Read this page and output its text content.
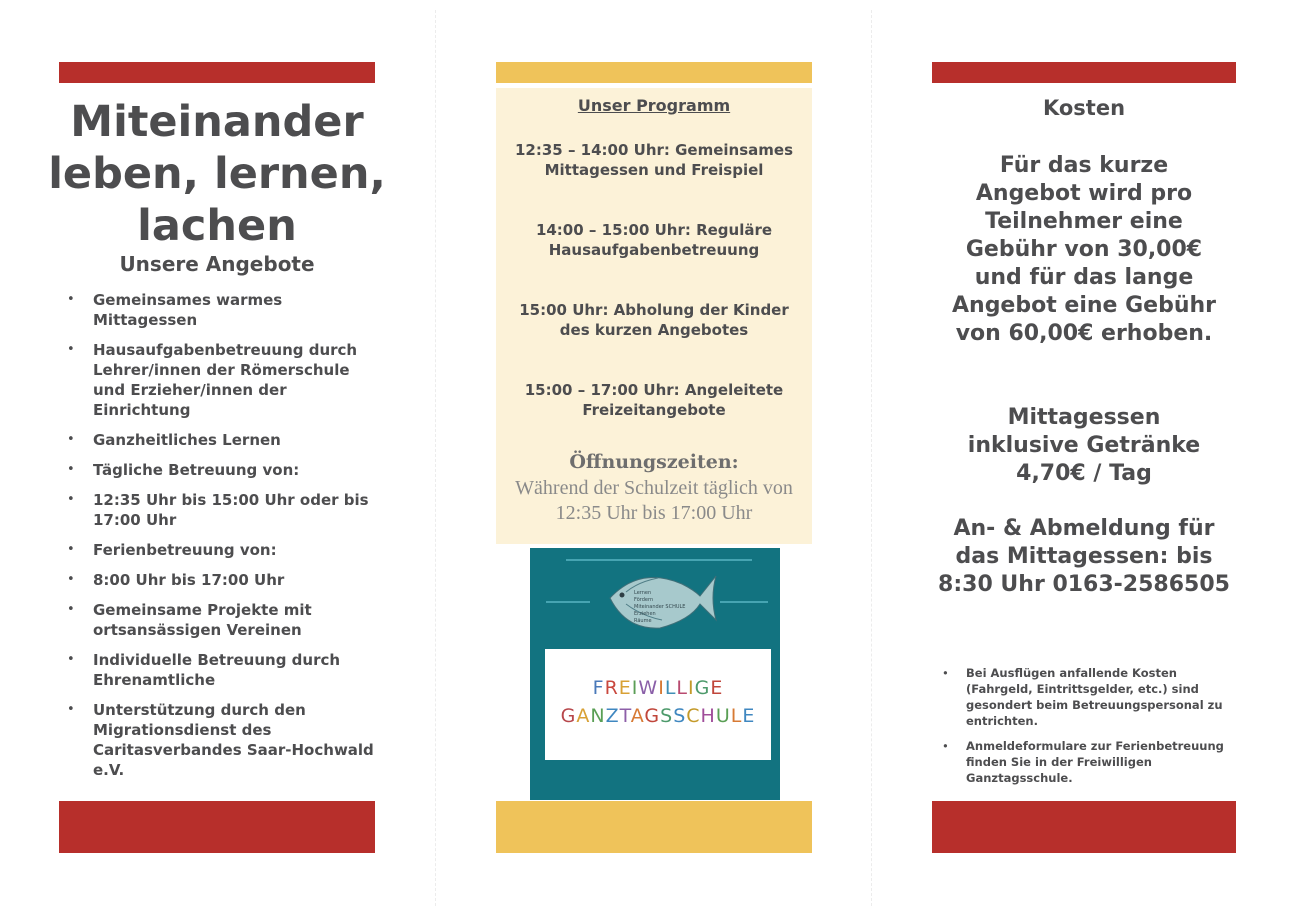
Miteinander leben, lernen, lachen
Unsere Angebote
• Gemeinsames warmes Mittagessen
• Hausaufgabenbetreuung durch Lehrer/innen der Römerschule und Erzieher/innen der Einrichtung
• Ganzheitliches Lernen
• Tägliche Betreuung von:
• 12:35 Uhr bis 15:00 Uhr oder bis 17:00 Uhr
• Ferienbetreuung von:
• 8:00 Uhr bis 17:00 Uhr
• Gemeinsame Projekte mit ortsansässigen Vereinen
• Individuelle Betreuung durch Ehrenamtliche
• Unterstützung durch den Migrationsdienst des Caritasverbandes Saar-Hochwald e.V.
Unser Programm
12:35 – 14:00 Uhr: Gemeinsames Mittagessen und Freispiel
14:00 – 15:00 Uhr: Reguläre Hausaufgabenbetreuung
15:00 Uhr: Abholung der Kinder des kurzen Angebotes
15:00 – 17:00 Uhr: Angeleitete Freizeitangebote
Öffnungszeiten:
Während der Schulzeit täglich von 12:35 Uhr bis 17:00 Uhr
Lernen
Fördern
Miteinander SCHULE
Erziehen
Räume
FREIWILLIGE
GANZTAGSSCHULE
Kosten
Für das kurze Angebot wird pro Teilnehmer eine Gebühr von 30,00€ und für das lange Angebot eine Gebühr von 60,00€ erhoben.
Mittagessen inklusive Getränke 4,70€ / Tag
An- & Abmeldung für das Mittagessen: bis 8:30 Uhr 0163-2586505
• Bei Ausflügen anfallende Kosten (Fahrgeld, Eintrittsgelder, etc.) sind gesondert beim Betreuungspersonal zu entrichten.
• Anmeldeformulare zur Ferienbetreuung finden Sie in der Freiwilligen Ganztagsschule.
